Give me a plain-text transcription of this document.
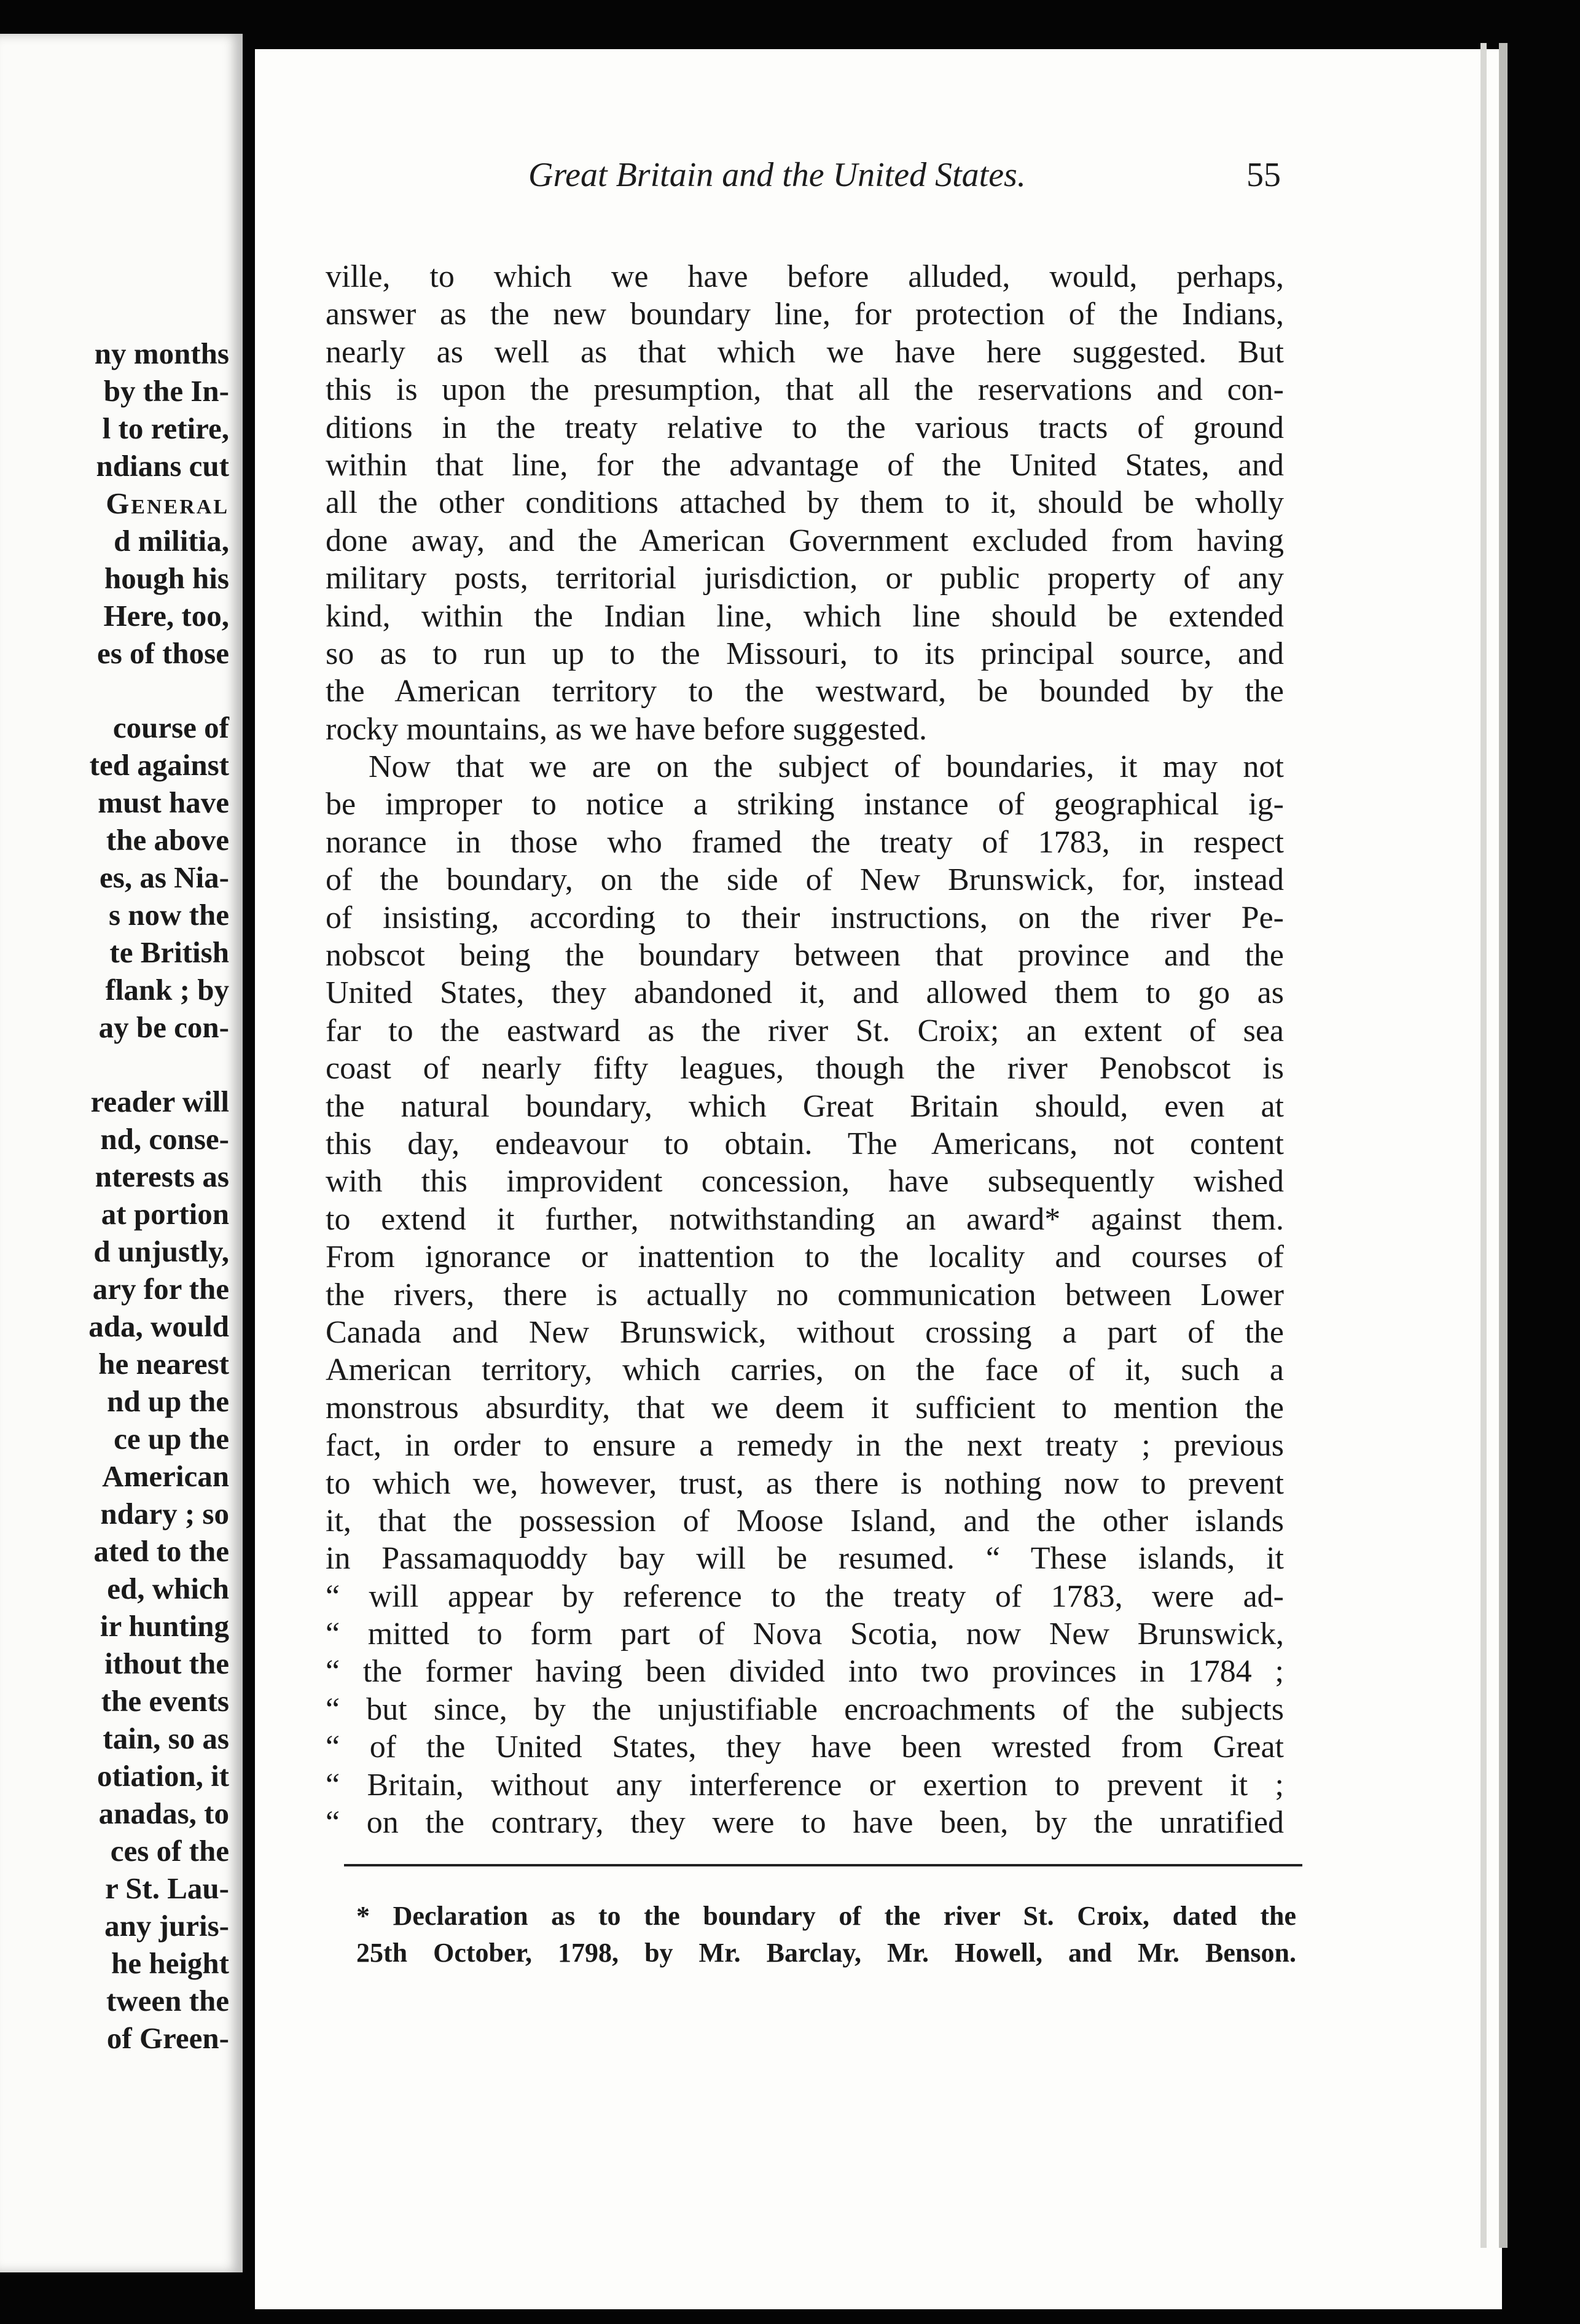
ny months
by the In-
l to retire,
ndians cut
General
d militia,
hough his
Here, too,
es of those
course of
ted against
must have
the above
es, as Nia-
s now the
te British
flank ; by
ay be con-
reader will
nd, conse-
nterests as
at portion
d unjustly,
ary for the
ada, would
he nearest
nd up the
ce up the
American
ndary ; so
ated to the
ed, which
ir hunting
ithout the
the events
tain, so as
otiation, it
anadas, to
ces of the
r St. Lau-
any juris-
he height
tween the
of Green-
Great Britain and the United States.	55
ville, to which we have before alluded, would, perhaps,
answer as the new boundary line, for protection of the Indians,
nearly as well as that which we have here suggested. But
this is upon the presumption, that all the reservations and con-
ditions in the treaty relative to the various tracts of ground
within that line, for the advantage of the United States, and
all the other conditions attached by them to it, should be wholly
done away, and the American Government excluded from having
military posts, territorial jurisdiction, or public property of any
kind, within the Indian line, which line should be extended
so as to run up to the Missouri, to its principal source, and
the American territory to the westward, be bounded by the
rocky mountains, as we have before suggested.
Now that we are on the subject of boundaries, it may not
be improper to notice a striking instance of geographical ig-
norance in those who framed the treaty of 1783, in respect
of the boundary, on the side of New Brunswick, for, instead
of insisting, according to their instructions, on the river Pe-
nobscot being the boundary between that province and the
United States, they abandoned it, and allowed them to go as
far to the eastward as the river St. Croix; an extent of sea
coast of nearly fifty leagues, though the river Penobscot is
the natural boundary, which Great Britain should, even at
this day, endeavour to obtain. The Americans, not content
with this improvident concession, have subsequently wished
to extend it further, notwithstanding an award* against them.
From ignorance or inattention to the locality and courses of
the rivers, there is actually no communication between Lower
Canada and New Brunswick, without crossing a part of the
American territory, which carries, on the face of it, such a
monstrous absurdity, that we deem it sufficient to mention the
fact, in order to ensure a remedy in the next treaty ; previous
to which we, however, trust, as there is nothing now to prevent
it, that the possession of Moose Island, and the other islands
in Passamaquoddy bay will be resumed. “ These islands, it
“ will appear by reference to the treaty of 1783, were ad-
“ mitted to form part of Nova Scotia, now New Brunswick,
“ the former having been divided into two provinces in 1784 ;
“ but since, by the unjustifiable encroachments of the subjects
“ of the United States, they have been wrested from Great
“ Britain, without any interference or exertion to prevent it ;
“ on the contrary, they were to have been, by the unratified
* Declaration as to the boundary of the river St. Croix, dated the
25th October, 1798, by Mr. Barclay, Mr. Howell, and Mr. Benson.
